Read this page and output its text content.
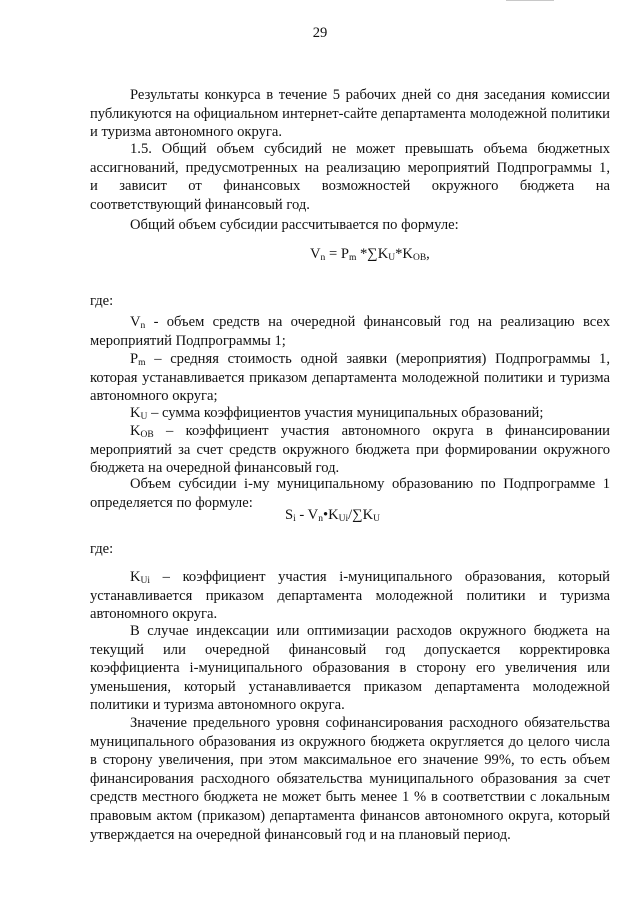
29

Результаты конкурса в течение 5 рабочих дней со дня заседания комиссии публикуются на официальном интернет-сайте департамента молодежной политики и туризма автономного округа.

1.5. Общий объем субсидий не может превышать объема бюджетных ассигнований, предусмотренных на реализацию мероприятий Подпрограммы 1,

и зависит от финансовых возможностей окружного бюджета на

соответствующий финансовый год.

Общий объем субсидии рассчитывается по формуле:

$V_n = P_m$ $*\sum K_U*K_{OB}$,

где:

$V_n$ - объем средств на очередной финансовый год на реализацию всех мероприятий Подпрограммы 1;

$P_m$ – средняя стоимость одной заявки (мероприятия) Подпрограммы 1, которая устанавливается приказом департамента молодежной политики и туризма автономного округа;

$K_U$ – сумма коэффициентов участия муниципальных образований;

$K_{OB}$ – коэффициент участия автономного округа в финансировании мероприятий за счет средств окружного бюджета при формировании окружного бюджета на очередной финансовый год.

Объем субсидии i-му муниципальному образованию по Подпрограмме 1 определяется по формуле:

$S_i$ - $V_n•K_{Ui}/\sum K_U$

где:

$K_{Ui}$ – коэффициент участия i-муниципального образования, который устанавливается приказом департамента молодежной политики и туризма автономного округа.

В случае индексации или оптимизации расходов окружного бюджета на текущий или очередной финансовый год допускается корректировка коэффициента i-муниципального образования в сторону его увеличения или уменьшения, который устанавливается приказом департамента молодежной политики и туризма автономного округа.

Значение предельного уровня софинансирования расходного обязательства муниципального образования из окружного бюджета округляется до целого числа в сторону увеличения, при этом максимальное его значение 99%, то есть объем финансирования расходного обязательства муниципального образования за счет средств местного бюджета не может быть менее 1 % в соответствии с локальным правовым актом (приказом) департамента финансов автономного округа, который утверждается на очередной финансовый год и на плановый период.
